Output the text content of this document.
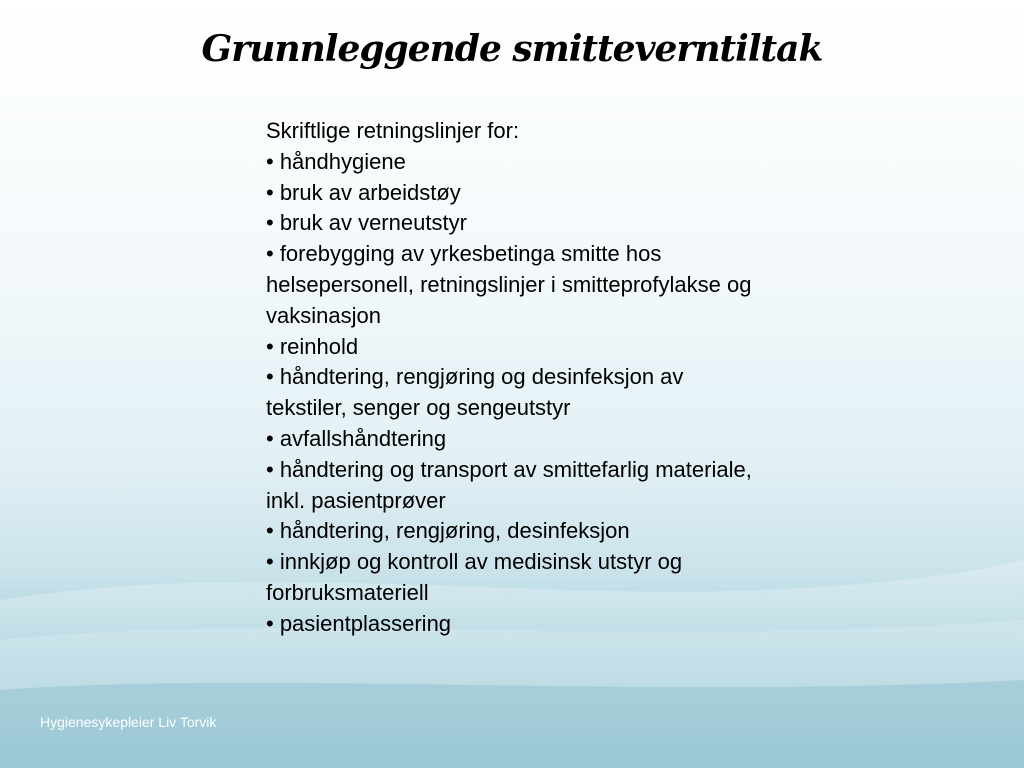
Grunnleggende smitteverntiltak
Skriftlige retningslinjer for:
• håndhygiene
• bruk av arbeidstøy
• bruk av verneutstyr
• forebygging av yrkesbetinga smitte hos helsepersonell, retningslinjer i smitteprofylakse og vaksinasjon
• reinhold
• håndtering, rengjøring og desinfeksjon av tekstiler, senger og sengeutstyr
• avfallshåndtering
• håndtering og transport av smittefarlig materiale, inkl. pasientprøver
• håndtering, rengjøring, desinfeksjon
• innkjøp og kontroll av medisinsk utstyr og forbruksmateriell
• pasientplassering
Hygienesykepleier Liv Torvik
